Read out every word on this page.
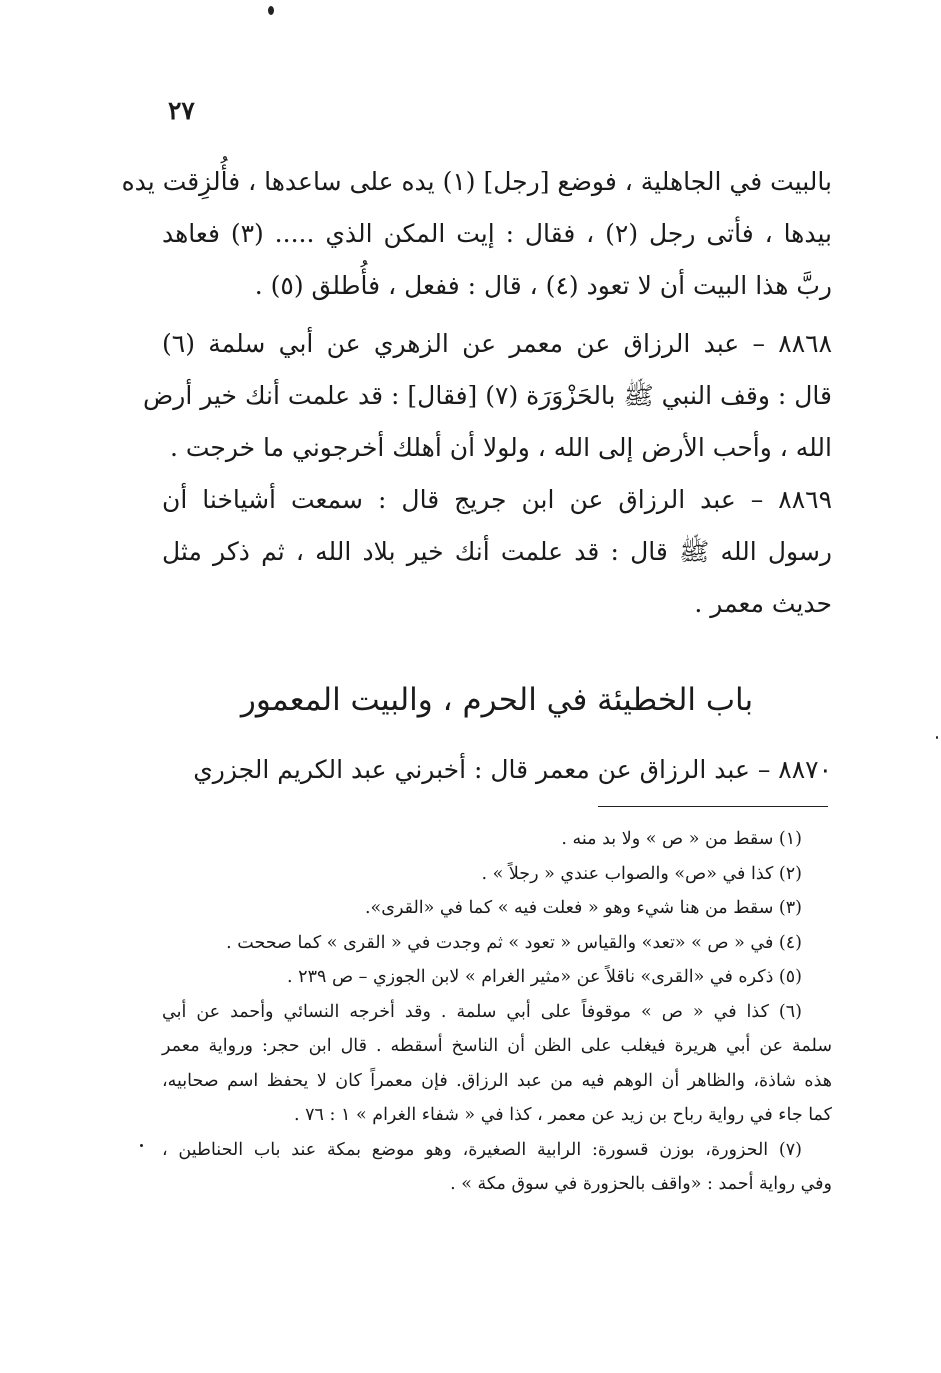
٢٧
بالبيت في الجاهلية ، فوضع [رجل] (١) يده على ساعدها ، فأُلزِقت يده
بيدها ، فأتى رجل (٢) ، فقال : إيت المكن الذي ..... (٣) فعاهد
ربَّ هذا البيت أن لا تعود (٤) ، قال : ففعل ، فأُطلق (٥) .
٨٨٦٨ – عبد الرزاق عن معمر عن الزهري عن أبي سلمة (٦)
قال : وقف النبي ﷺ بالحَزْوَرَة (٧) [فقال] : قد علمت أنك خير أرض
الله ، وأحب الأرض إلى الله ، ولولا أن أهلك أخرجوني ما خرجت .
٨٨٦٩ – عبد الرزاق عن ابن جريج قال : سمعت أشياخنا أن
رسول الله ﷺ قال : قد علمت أنك خير بلاد الله ، ثم ذكر مثل
حديث معمر .
باب الخطيئة في الحرم ، والبيت المعمور
٨٨٧٠ – عبد الرزاق عن معمر قال : أخبرني عبد الكريم الجزري
(١) سقط من « ص » ولا بد منه .
(٢) كذا في «ص» والصواب عندي « رجلاً » .
(٣) سقط من هنا شيء وهو « فعلت فيه » كما في «القرى».
(٤) في « ص » «تعد» والقياس « تعود » ثم وجدت في « القرى » كما صححت .
(٥) ذكره في «القرى» ناقلاً عن «مثير الغرام » لابن الجوزي – ص ٢٣٩ .
(٦) كذا في « ص » موقوفاً على أبي سلمة . وقد أخرجه النسائي وأحمد عن أبي
سلمة عن أبي هريرة فيغلب على الظن أن الناسخ أسقطه . قال ابن حجر: ورواية معمر
هذه شاذة، والظاهر أن الوهم فيه من عبد الرزاق. فإن معمراً كان لا يحفظ اسم صحابيه،
كما جاء في رواية رباح بن زيد عن معمر ، كذا في « شفاء الغرام » ١ : ٧٦ .
(٧) الحزورة، بوزن قسورة: الرابية الصغيرة، وهو موضع بمكة عند باب الحناطين ،
وفي رواية أحمد : «واقف بالحزورة في سوق مكة » .
